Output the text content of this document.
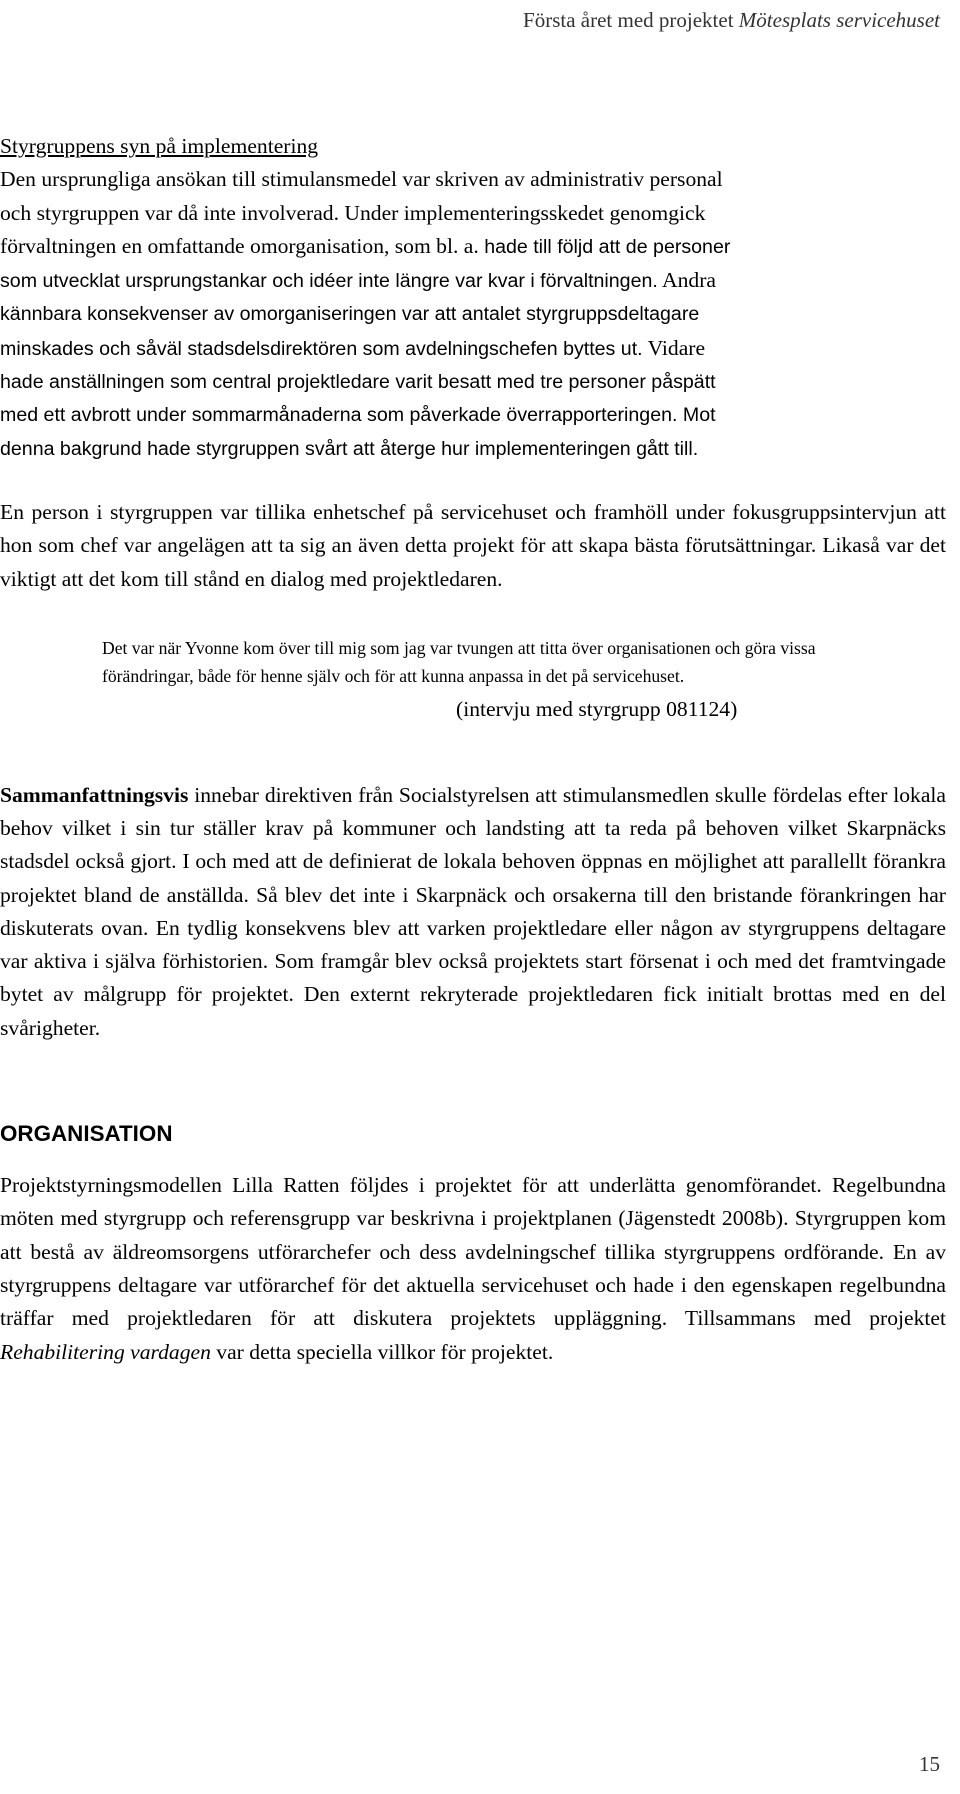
Första året med projektet Mötesplats servicehuset

Styrgruppens syn på implementering

Den ursprungliga ansökan till stimulansmedel var skriven av administrativ personal

och styrgruppen var då inte involverad. Under implementeringsskedet genomgick

förvaltningen en omfattande omorganisation, som bl. a. hade till följd att de personer

som utvecklat ursprungstankar och idéer inte längre var kvar i förvaltningen. Andra

kännbara konsekvenser av omorganiseringen var att antalet styrgruppsdeltagare

minskades och såväl stadsdelsdirektören som avdelningschefen byttes ut. Vidare

hade anställningen som central projektledare varit besatt med tre personer påspätt

med ett avbrott under sommarmånaderna som påverkade överrapporteringen. Mot

denna bakgrund hade styrgruppen svårt att återge hur implementeringen gått till.

En person i styrgruppen var tillika enhetschef på servicehuset och framhöll under fokusgruppsintervjun att hon som chef var angelägen att ta sig an även detta projekt för att skapa bästa förutsättningar. Likaså var det viktigt att det kom till stånd en dialog med projektledaren.

Det var när Yvonne kom över till mig som jag var tvungen att titta över organisationen och göra vissa förändringar, både för henne själv och för att kunna anpassa in det på servicehuset.

(intervju med styrgrupp 081124)

Sammanfattningsvis innebar direktiven från Socialstyrelsen att stimulansmedlen skulle fördelas efter lokala behov vilket i sin tur ställer krav på kommuner och landsting att ta reda på behoven vilket Skarpnäcks stadsdel också gjort. I och med att de definierat de lokala behoven öppnas en möjlighet att parallellt förankra projektet bland de anställda. Så blev det inte i Skarpnäck och orsakerna till den bristande förankringen har diskuterats ovan. En tydlig konsekvens blev att varken projektledare eller någon av styrgruppens deltagare var aktiva i själva förhistorien. Som framgår blev också projektets start försenat i och med det framtvingade bytet av målgrupp för projektet. Den externt rekryterade projektledaren fick initialt brottas med en del svårigheter.

ORGANISATION

Projektstyrningsmodellen Lilla Ratten följdes i projektet för att underlätta genomförandet. Regelbundna möten med styrgrupp och referensgrupp var beskrivna i projektplanen (Jägenstedt 2008b). Styrgruppen kom att bestå av äldreomsorgens utförarchefer och dess avdelningschef tillika styrgruppens ordförande. En av styrgruppens deltagare var utförarchef för det aktuella servicehuset och hade i den egenskapen regelbundna träffar med projektledaren för att diskutera projektets uppläggning. Tillsammans med projektet Rehabilitering vardagen var detta speciella villkor för projektet.

15
